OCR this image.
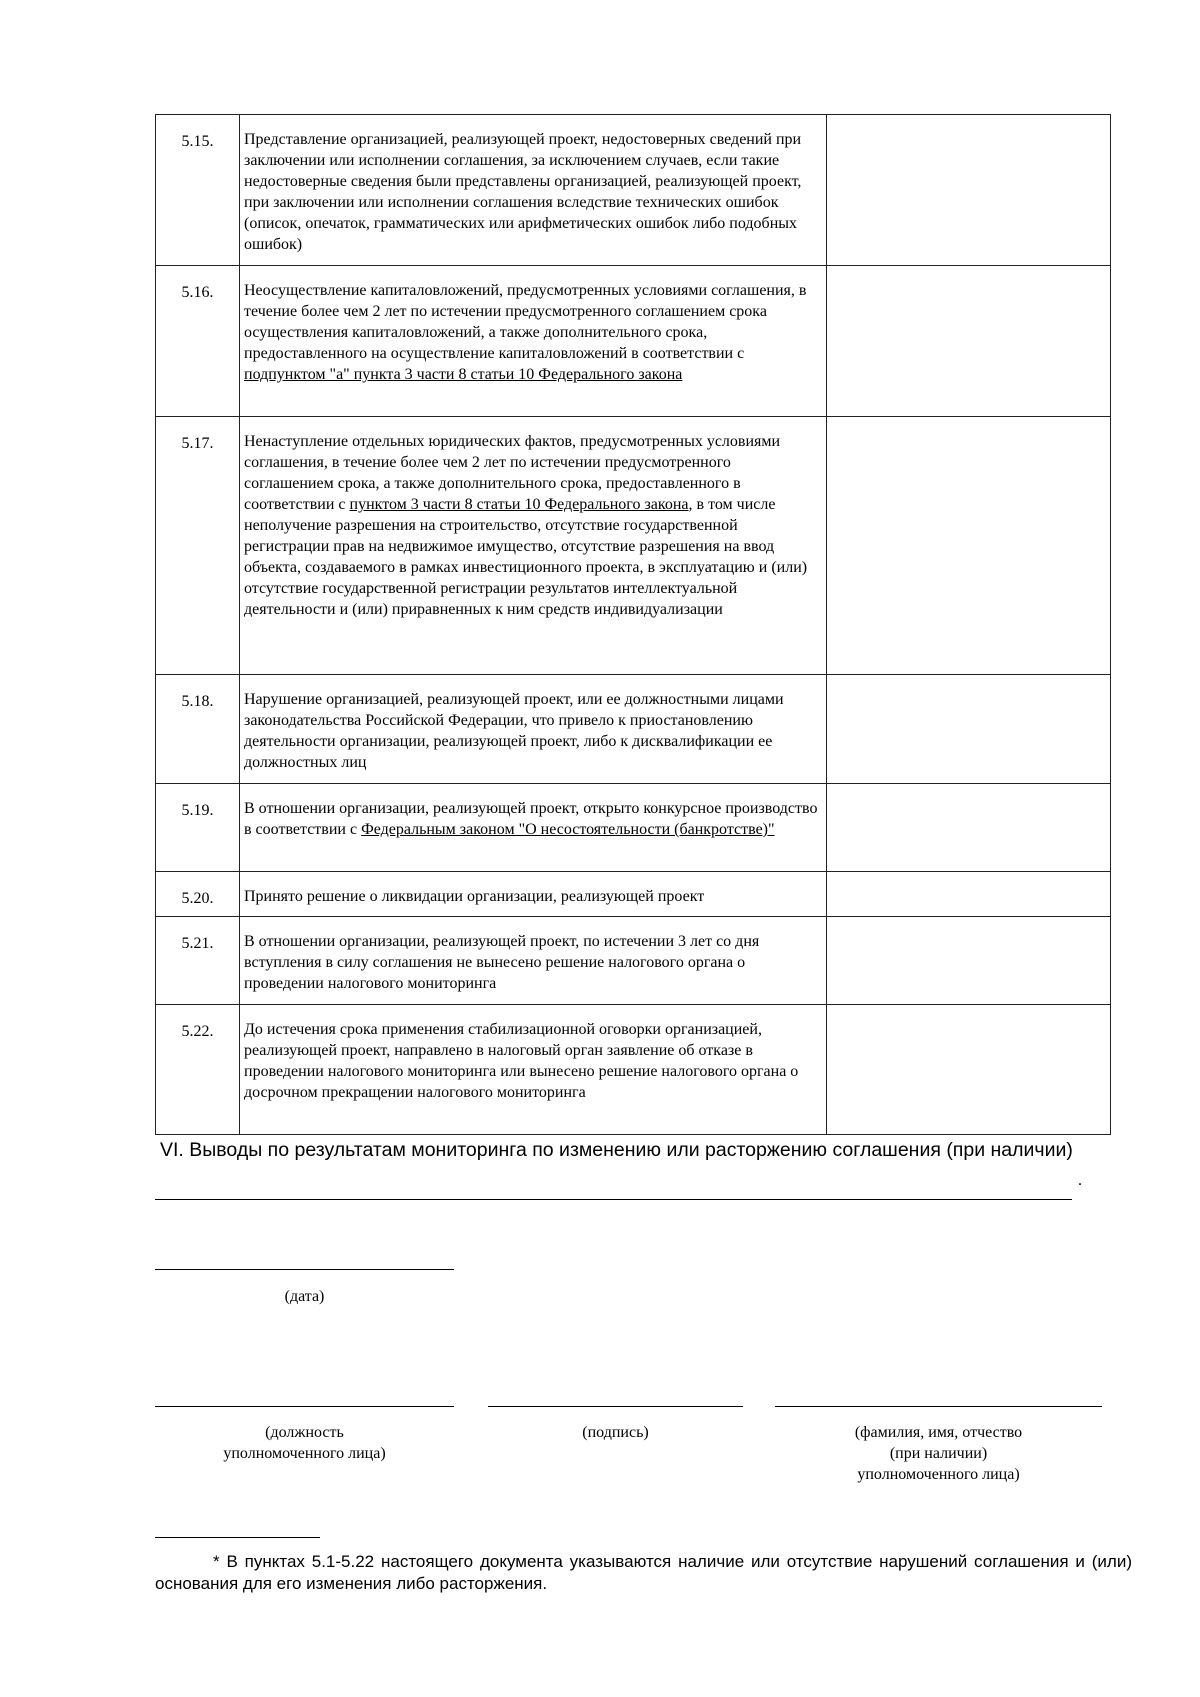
5.15.	Представление организацией, реализующей проект, недостоверных сведений при заключении или исполнении соглашения, за исключением случаев, если такие недостоверные сведения были представлены организацией, реализующей проект, при заключении или исполнении соглашения вследствие технических ошибок (описок, опечаток, грамматических или арифметических ошибок либо подобных ошибок)	
5.16.	Неосуществление капиталовложений, предусмотренных условиями соглашения, в течение более чем 2 лет по истечении предусмотренного соглашением срока осуществления капиталовложений, а также дополнительного срока, предоставленного на осуществление капиталовложений в соответствии с подпунктом "а" пункта 3 части 8 статьи 10 Федерального закона	
5.17.	Ненаступление отдельных юридических фактов, предусмотренных условиями соглашения, в течение более чем 2 лет по истечении предусмотренного соглашением срока, а также дополнительного срока, предоставленного в соответствии с пунктом 3 части 8 статьи 10 Федерального закона, в том числе неполучение разрешения на строительство, отсутствие государственной регистрации прав на недвижимое имущество, отсутствие разрешения на ввод объекта, создаваемого в рамках инвестиционного проекта, в эксплуатацию и (или) отсутствие государственной регистрации результатов интеллектуальной деятельности и (или) приравненных к ним средств индивидуализации	
5.18.	Нарушение организацией, реализующей проект, или ее должностными лицами законодательства Российской Федерации, что привело к приостановлению деятельности организации, реализующей проект, либо к дисквалификации ее должностных лиц	
5.19.	В отношении организации, реализующей проект, открыто конкурсное производство в соответствии с Федеральным законом "О несостоятельности (банкротстве)"	
5.20.	Принято решение о ликвидации организации, реализующей проект	
5.21.	В отношении организации, реализующей проект, по истечении 3 лет со дня вступления в силу соглашения не вынесено решение налогового органа о проведении налогового мониторинга	
5.22.	До истечения срока применения стабилизационной оговорки организацией, реализующей проект, направлено в налоговый орган заявление об отказе в проведении налогового мониторинга или вынесено решение налогового органа о досрочном прекращении налогового мониторинга	
VI. Выводы по результатам мониторинга по изменению или расторжению соглашения (при наличии)
.
(дата)
(должность
уполномоченного лица)
(подпись)	(фамилия, имя, отчество
(при наличии)
уполномоченного лица)
* В пунктах 5.1-5.22 настоящего документа указываются наличие или отсутствие нарушений соглашения и (или) основания для его изменения либо расторжения.
